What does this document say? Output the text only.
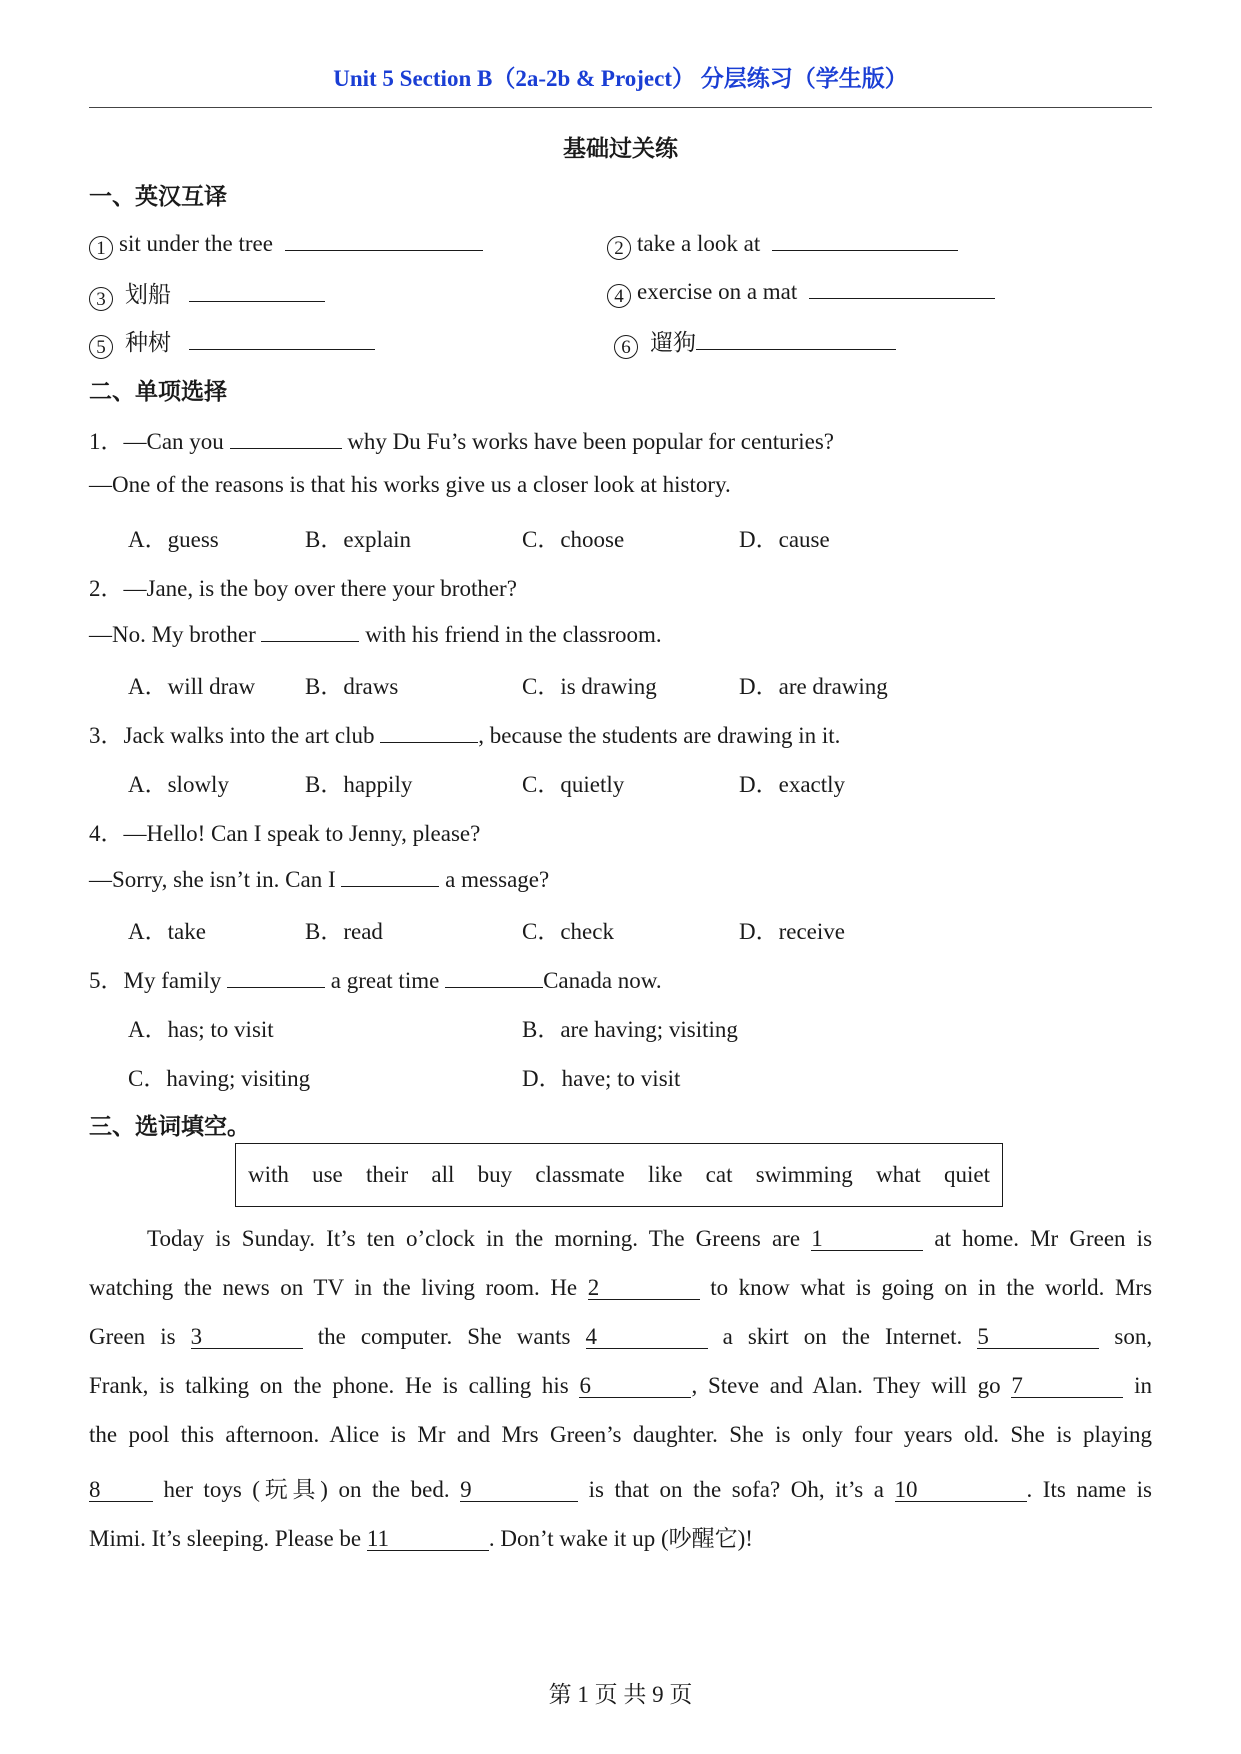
Unit 5 Section B（2a-2b & Project） 分层练习（学生版）
基础过关练
一、英汉互译
1 sit under the tree	2 take a look at
3 划船	4 exercise on a mat
5 种树	6 遛狗
二、单项选择
1．—Can you	why Du Fu’s works have been popular for centuries?
—One of the reasons is that his works give us a closer look at history.
A．guess	B．explain	C．choose	D．cause
2．—Jane, is the boy over there your brother?
—No. My brother	with his friend in the classroom.
A．will draw B．draws	C．is drawing	D．are drawing
3．Jack walks into the art club	, because the students are drawing in it.
A．slowly	B．happily	C．quietly	D．exactly
4．—Hello! Can I speak to Jenny, please?
—Sorry, she isn’t in. Can I	a message?
A．take	B．read	C．check	D．receive
5．My family	a great time	Canada now.
A．has; to visit	B．are having; visiting
C．having; visiting	D．have; to visit
三、选词填空。
with use their all buy classmate like cat swimming what quiet
Today is Sunday. It’s ten o’clock in the morning. The Greens are 1	at home. Mr Green is
watching the news on TV in the living room. He 2	to know what is going on in the world. Mrs
Green is 3	the computer. She wants 4	a skirt on the Internet. 5	son,
Frank, is talking on the phone. He is calling his 6	, Steve and Alan. They will go 7	in
the pool this afternoon. Alice is Mr and Mrs Green’s daughter. She is only four years old. She is playing
8	her toys (玩具) on the bed. 9	is that on the sofa? Oh, it’s a 10	. Its name is
Mimi. It’s sleeping. Please be 11	. Don’t wake it up (吵醒它)!
第 1 页 共 9 页
